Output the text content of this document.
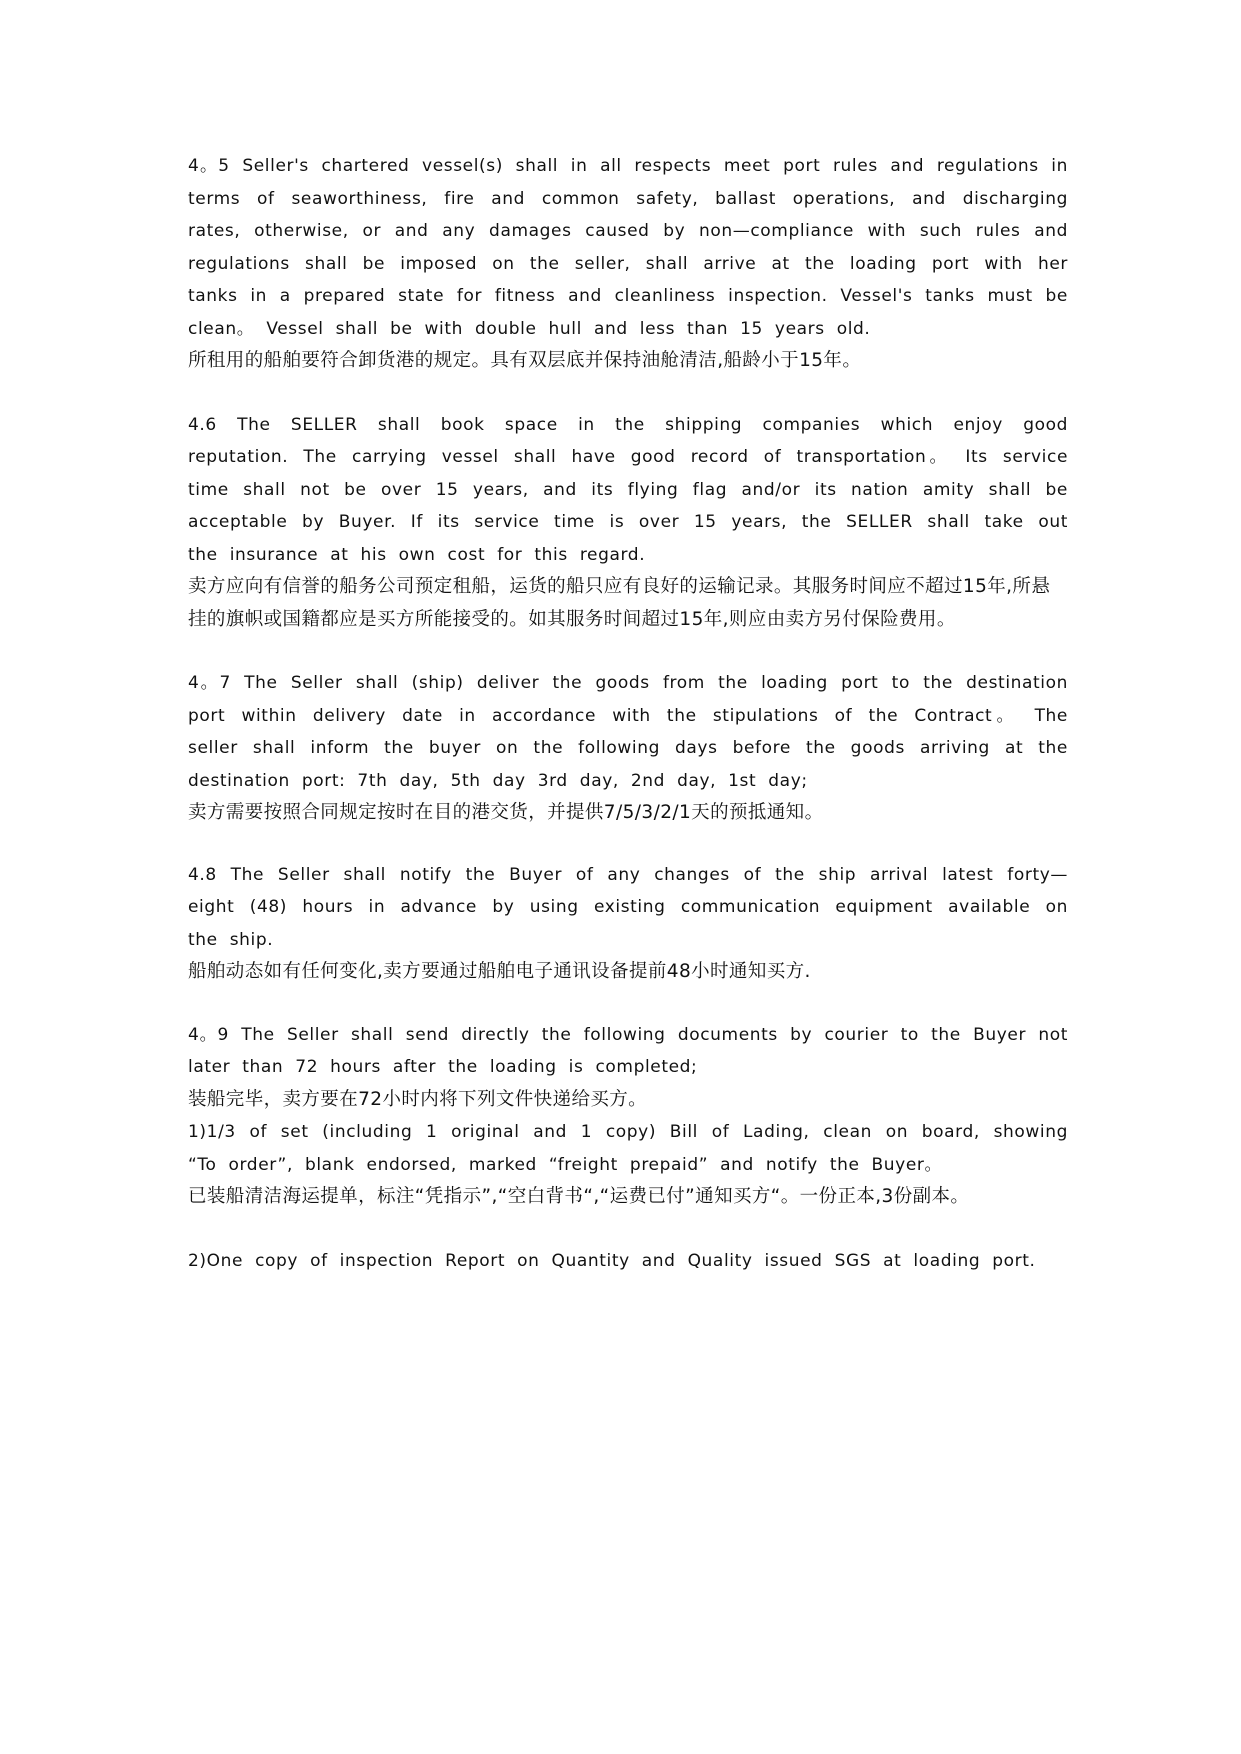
4。5 Seller's chartered vessel(s) shall in all respects meet port rules and regulations in terms of seaworthiness, fire and common safety, ballast operations, and discharging rates, otherwise, or and any damages caused by non—compliance with such rules and regulations shall be imposed on the seller, shall arrive at the loading port with her tanks in a prepared state for fitness and cleanliness inspection. Vessel's tanks must be clean。 Vessel shall be with double hull and less than 15 years old.
所租用的船舶要符合卸货港的规定。具有双层底并保持油舱清洁,船龄小于15年。
4.6 The SELLER shall book space in the shipping companies which enjoy good reputation. The carrying vessel shall have good record of transportation。 Its service time shall not be over 15 years, and its flying flag and/or its nation amity shall be acceptable by Buyer. If its service time is over 15 years, the SELLER shall take out the insurance at his own cost for this regard.
卖方应向有信誉的船务公司预定租船，运货的船只应有良好的运输记录。其服务时间应不超过15年,所悬挂的旗帜或国籍都应是买方所能接受的。如其服务时间超过15年,则应由卖方另付保险费用。
4。7 The Seller shall (ship) deliver the goods from the loading port to the destination port within delivery date in accordance with the stipulations of the Contract。 The seller shall inform the buyer on the following days before the goods arriving at the destination port: 7th day, 5th day 3rd day, 2nd day, 1st day;
卖方需要按照合同规定按时在目的港交货，并提供7/5/3/2/1天的预抵通知。
4.8 The Seller shall notify the Buyer of any changes of the ship arrival latest forty—eight (48) hours in advance by using existing communication equipment available on the ship.
船舶动态如有任何变化,卖方要通过船舶电子通讯设备提前48小时通知买方.
4。9 The Seller shall send directly the following documents by courier to the Buyer not later than 72 hours after the loading is completed;
装船完毕，卖方要在72小时内将下列文件快递给买方。
1)1/3 of set (including 1 original and 1 copy) Bill of Lading, clean on board, showing “To order”, blank endorsed, marked “freight prepaid” and notify the Buyer。
已装船清洁海运提单，标注“凭指示”,“空白背书“,“运费已付”通知买方“。一份正本,3份副本。
2)One copy of inspection Report on Quantity and Quality issued SGS at loading port.
